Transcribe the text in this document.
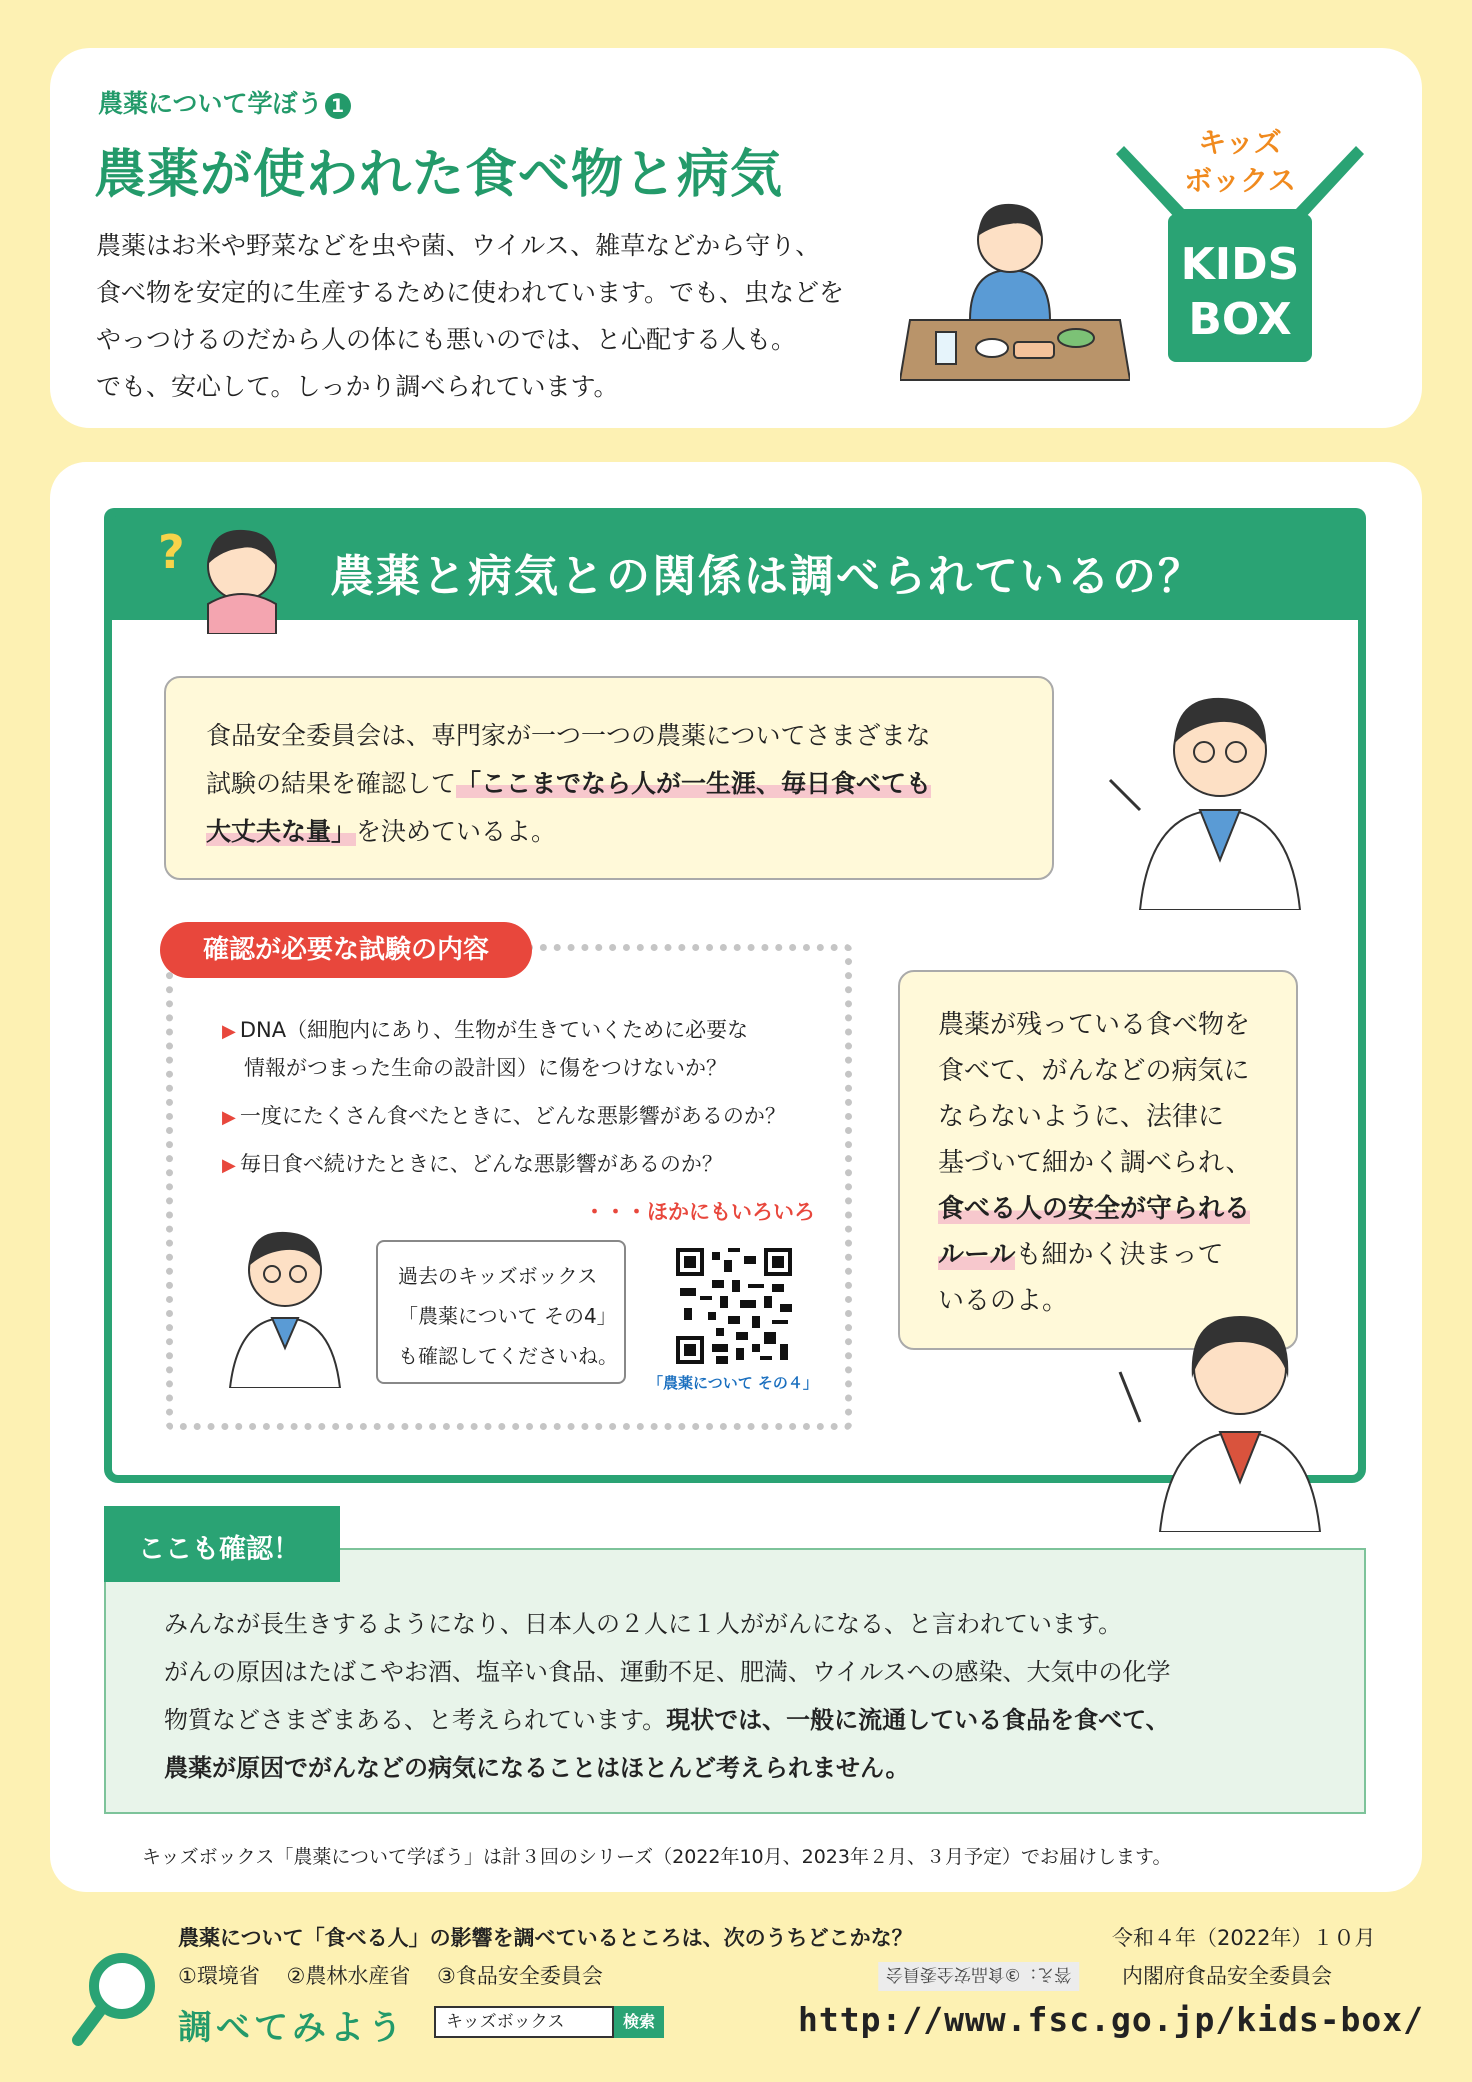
農薬について学ぼう 1
農薬が使われた食べ物と病気
農薬はお米や野菜などを虫や菌、ウイルス、雑草などから守り、
食べ物を安定的に生産するために使われています。でも、虫などを
やっつけるのだから人の体にも悪いのでは、と心配する人も。
でも、安心して。しっかり調べられています。
キッズ
ボックス
KIDS
BOX
?	農薬と病気との関係は調べられているの？
食品安全委員会は、専門家が一つ一つの農薬についてさまざまな
試験の結果を確認して「ここまでなら人が一生涯、毎日食べても
大丈夫な量」を決めているよ。
確認が必要な試験の内容
▶ DNA（細胞内にあり、生物が生きていくために必要な
情報がつまった生命の設計図）に傷をつけないか？
▶ 一度にたくさん食べたときに、どんな悪影響があるのか？
▶ 毎日食べ続けたときに、どんな悪影響があるのか？
・・・ほかにもいろいろ
過去のキッズボックス
「農薬について その4」
も確認してくださいね。
「農薬について その４」
農薬が残っている食べ物を
食べて、がんなどの病気に
ならないように、法律に
基づいて細かく調べられ、
食べる人の安全が守られる
ルールも細かく決まって
いるのよ。
ここも確認！
みんなが長生きするようになり、日本人の２人に１人ががんになる、と言われています。
がんの原因はたばこやお酒、塩辛い食品、運動不足、肥満、ウイルスへの感染、大気中の化学
物質などさまざまある、と考えられています。現状では、一般に流通している食品を食べて、
農薬が原因でがんなどの病気になることはほとんど考えられません。
キッズボックス「農薬について学ぼう」は計３回のシリーズ（2022年10月、2023年２月、３月予定）でお届けします。
農薬について「食べる人」の影響を調べているところは、次のうちどこかな？
①環境省 ②農林水産省 ③食品安全委員会	答え：③食品安全委員会
調べてみよう	キッズボックス	検索
令和４年（2022年）１０月
内閣府食品安全委員会
http://www.fsc.go.jp/kids-box/
